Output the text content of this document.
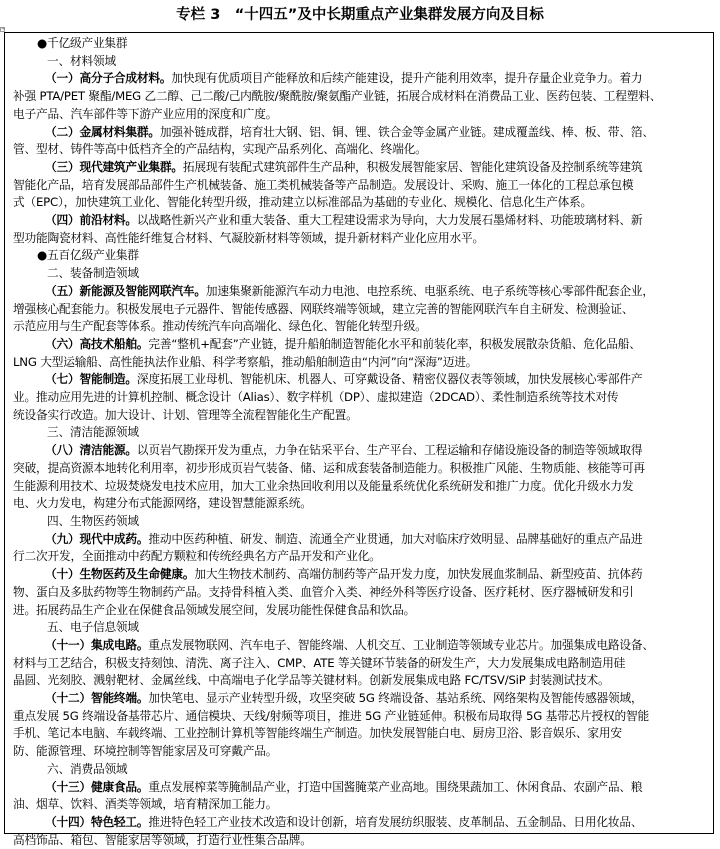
+
专栏 3　“十四五”及中长期重点产业集群发展方向及目标
●千亿级产业集群
一、材料领域
（一）高分子合成材料。加快现有优质项目产能释放和后续产能建设，提升产能利用效率，提升存量企业竞争力。着力
补强 PTA/PET 聚酯/MEG 乙二醇、己二酸/己内酰胺/聚酰胺/聚氨酯产业链，拓展合成材料在消费品工业、医药包装、工程塑料、
电子产品、汽车部件等下游产业应用的深度和广度。
（二）金属材料集群。加强补链成群，培育壮大钢、铝、铜、锂、铁合金等金属产业链。建成覆盖线、棒、板、带、箔、
管、型材、铸件等高中低档齐全的产品结构，实现产品系列化、高端化、终端化。
（三）现代建筑产业集群。拓展现有装配式建筑部件生产品种，积极发展智能家居、智能化建筑设备及控制系统等建筑
智能化产品，培育发展部品部件生产机械装备、施工类机械装备等产品制造。发展设计、采购、施工一体化的工程总承包模
式（EPC），加快建筑工业化、智能化转型升级，推动建立以标准部品为基础的专业化、规模化、信息化生产体系。
（四）前沿材料。以战略性新兴产业和重大装备、重大工程建设需求为导向，大力发展石墨烯材料、功能玻璃材料、新
型功能陶瓷材料、高性能纤维复合材料、气凝胶新材料等领域，提升新材料产业化应用水平。
●五百亿级产业集群
二、装备制造领域
（五）新能源及智能网联汽车。加速集聚新能源汽车动力电池、电控系统、电驱系统、电子系统等核心零部件配套企业，
增强核心配套能力。积极发展电子元器件、智能传感器、网联终端等领域，建立完善的智能网联汽车自主研发、检测验证、
示范应用与生产配套等体系。推动传统汽车向高端化、绿色化、智能化转型升级。
（六）高技术船舶。完善“整机+配套”产业链，提升船舶制造智能化水平和前装化率，积极发展散杂货船、危化品船、
LNG 大型运输船、高性能执法作业船、科学考察船，推动船舶制造由“内河”向“深海”迈进。
（七）智能制造。深度拓展工业母机、智能机床、机器人、可穿戴设备、精密仪器仪表等领域，加快发展核心零部件产
业。推动应用先进的计算机控制、概念设计（Alias）、数字样机（DP）、虚拟建造（2DCAD）、柔性制造系统等技术对传
统设备实行改造。加大设计、计划、管理等全流程智能化生产配置。
三、清洁能源领域
（八）清洁能源。以页岩气勘探开发为重点，力争在钻采平台、生产平台、工程运输和存储设施设备的制造等领域取得
突破，提高资源本地转化利用率，初步形成页岩气装备、储、运和成套装备制造能力。积极推广风能、生物质能、核能等可再
生能源利用技术、垃圾焚烧发电技术应用，加大工业余热回收利用以及能量系统优化系统研发和推广力度。优化升级水力发
电、火力发电，构建分布式能源网络，建设智慧能源系统。
四、生物医药领域
（九）现代中成药。推动中医药种植、研发、制造、流通全产业贯通，加大对临床疗效明显、品牌基础好的重点产品进
行二次开发，全面推动中药配方颗粒和传统经典名方产品开发和产业化。
（十）生物医药及生命健康。加大生物技术制药、高端仿制药等产品开发力度，加快发展血浆制品、新型疫苗、抗体药
物、蛋白及多肽药物等生物制药产品。支持骨科植入类、血管介入类、神经外科等医疗设备、医疗耗材、医疗器械研发和引
进。拓展药品生产企业在保健食品领域发展空间，发展功能性保健食品和饮品。
五、电子信息领域
（十一）集成电路。重点发展物联网、汽车电子、智能终端、人机交互、工业制造等领域专业芯片。加强集成电路设备、
材料与工艺结合，积极支持刻蚀、清洗、离子注入、CMP、ATE 等关键环节装备的研发生产，大力发展集成电路制造用硅
晶圆、光刻胶、溅射靶材、金属丝线、中高端电子化学品等关键材料。创新发展集成电路 FC/TSV/SiP 封装测试技术。
（十二）智能终端。加快笔电、显示产业转型升级，攻坚突破 5G 终端设备、基站系统、网络架构及智能传感器领域，
重点发展 5G 终端设备基带芯片、通信模块、天线/射频等项目，推进 5G 产业链延伸。积极布局取得 5G 基带芯片授权的智能
手机、笔记本电脑、车载终端、工业控制计算机等智能终端生产制造。加快发展智能白电、厨房卫浴、影音娱乐、家用安
防、能源管理、环境控制等智能家居及可穿戴产品。
六、消费品领域
（十三）健康食品。重点发展榨菜等腌制品产业，打造中国酱腌菜产业高地。围绕果蔬加工、休闲食品、农副产品、粮
油、烟草、饮料、酒类等领域，培育精深加工能力。
（十四）特色轻工。推进特色轻工产业技术改造和设计创新，培育发展纺织服装、皮革制品、五金制品、日用化妆品、
高档饰品、箱包、智能家居等领域，打造行业性集合品牌。
